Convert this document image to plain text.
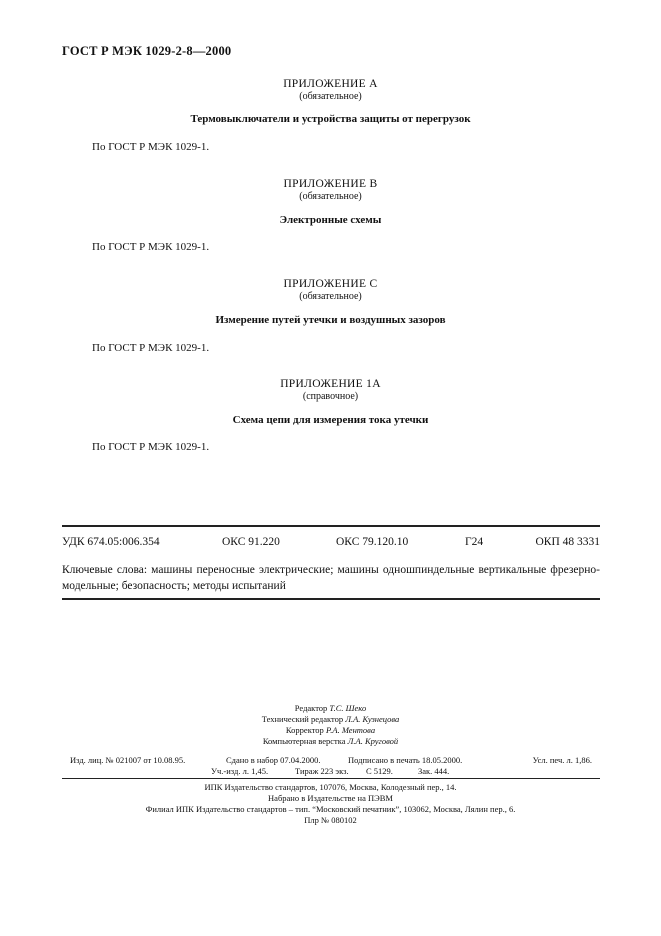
ГОСТ Р МЭК 1029-2-8—2000
ПРИЛОЖЕНИЕ А
(обязательное)
Термовыключатели и устройства защиты от перегрузок
По ГОСТ Р МЭК 1029-1.
ПРИЛОЖЕНИЕ В
(обязательное)
Электронные схемы
По ГОСТ Р МЭК 1029-1.
ПРИЛОЖЕНИЕ С
(обязательное)
Измерение путей утечки и воздушных зазоров
По ГОСТ Р МЭК 1029-1.
ПРИЛОЖЕНИЕ 1А
(справочное)
Схема цепи для измерения тока утечки
По ГОСТ Р МЭК 1029-1.
УДК 674.05:006.354	ОКС 91.220	ОКС 79.120.10	Г24	ОКП 48 3331
Ключевые слова: машины переносные электрические; машины одношпиндельные вертикальные фрезерно-модельные; безопасность; методы испытаний
Редактор Т.С. Шеко
Технический редактор Л.А. Кузнецова
Корректор Р.А. Ментова
Компьютерная верстка Л.А. Круговой
Изд. лиц. № 021007 от 10.08.95.	Сдано в набор 07.04.2000.	Подписано в печать 18.05.2000.	Усл. печ. л. 1,86.
Уч.-изд. л. 1,45.	Тираж 223 экз. С 5129.	Зак. 444.
ИПК Издательство стандартов, 107076, Москва, Колодезный пер., 14.
Набрано в Издательстве на ПЭВМ
Филиал ИПК Издательство стандартов – тип. “Московский печатник”, 103062, Москва, Лялин пер., 6.
Плр № 080102
